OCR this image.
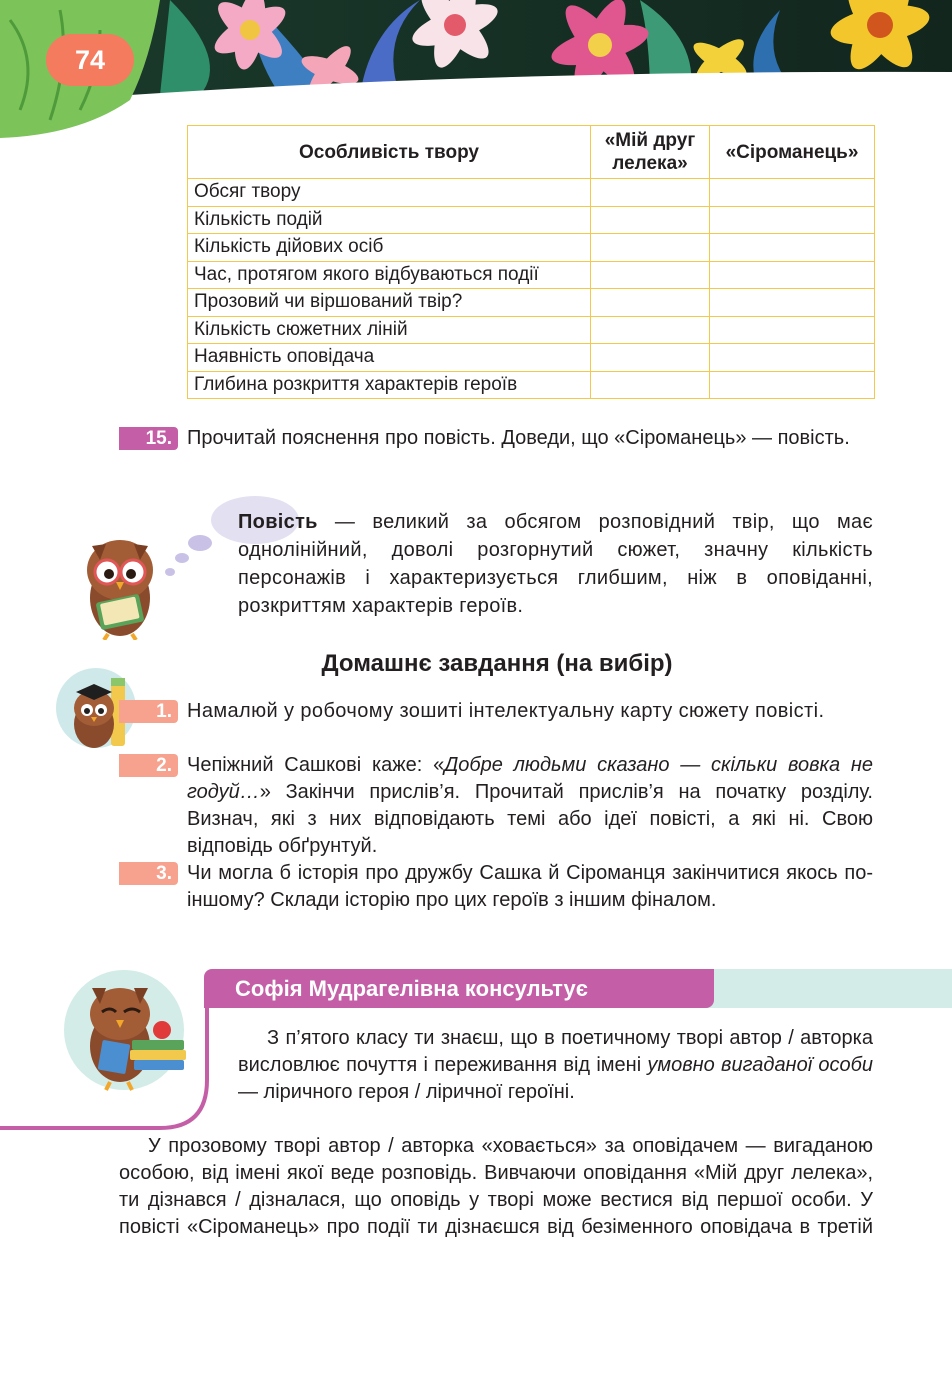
74
Особливість твору	«Мій друг лелека»	«Сіроманець»
Обсяг твору		
Кількість подій		
Кількість дійових осіб		
Час, протягом якого відбуваються події		
Прозовий чи віршований твір?		
Кількість сюжетних ліній		
Наявність оповідача		
Глибина розкриття характерів героїв		
15. Прочитай пояснення про повість. Доведи, що «Сіроманець» — повість.
Повість — великий за обсягом розповідний твір, що має однолінійний, доволі розгорнутий сюжет, значну кількість персонажів і характеризується глибшим, ніж в оповіданні, розкриттям характерів героїв.
Домашнє завдання (на вибір)
1. Намалюй у робочому зошиті інтелектуальну карту сюжету повісті.
2. Чепіжний Сашкові каже: «Добре людьми сказано — скільки вовка не годуй…» Закінчи прислів’я. Прочитай прислів’я на початку розділу. Визнач, які з них відповідають темі або ідеї повісті, а які ні. Свою відповідь обґрунтуй.
3. Чи могла б історія про дружбу Сашка й Сіроманця закінчитися якось по-іншому? Склади історію про цих героїв з іншим фіналом.
Софія Мудрагелівна консультує
З п’ятого класу ти знаєш, що в поетичному творі автор / авторка висловлює почуття і переживання від імені умовно вигаданої особи — ліричного героя / ліричної героїні.
У прозовому творі автор / авторка «ховається» за оповідачем — вигаданою особою, від імені якої веде розповідь. Вивчаючи оповідання «Мій друг лелека», ти дізнався / дізналася, що оповідь у творі може вестися від першої особи. У повісті «Сіроманець» про події ти дізнаєшся від безіменного оповідача в третій
